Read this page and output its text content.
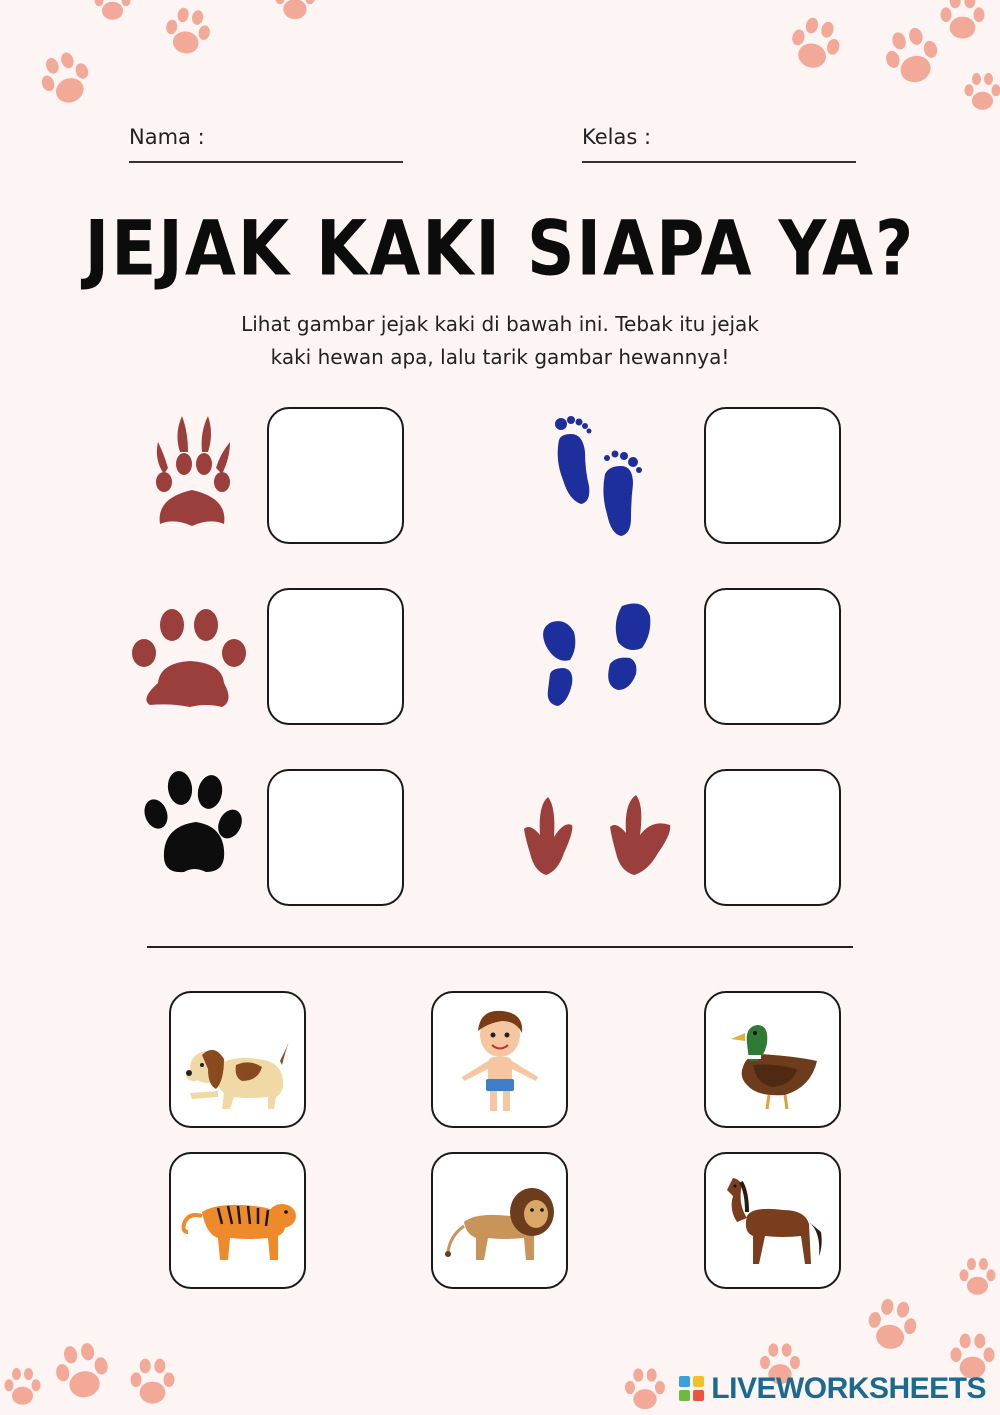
Nama :	Kelas :
JEJAK KAKI SIAPA YA?
Lihat gambar jejak kaki di bawah ini. Tebak itu jejak
kaki hewan apa, lalu tarik gambar hewannya!
LIVEWORKSHEETS
